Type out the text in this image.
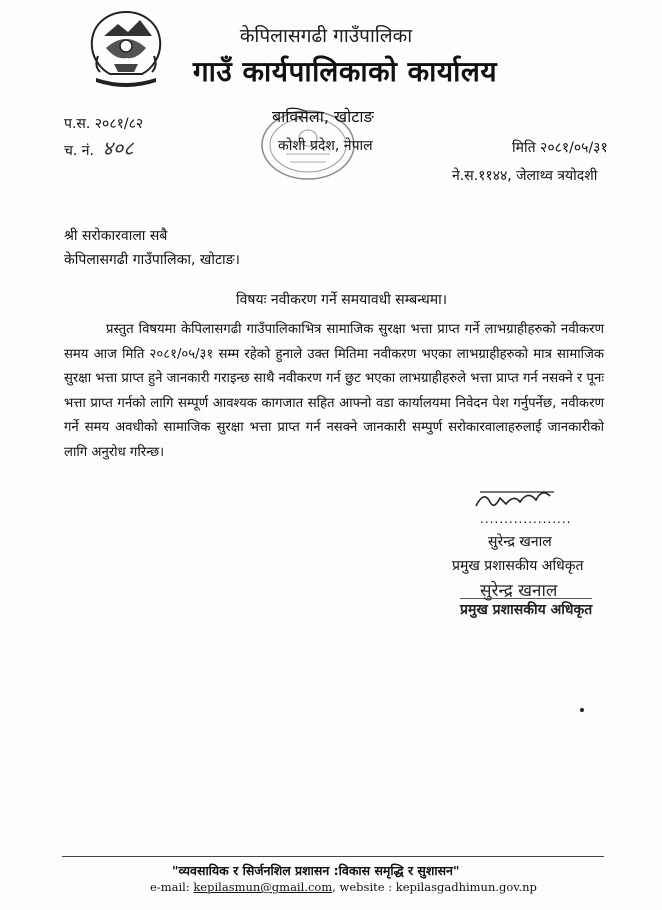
केपिलासगढी गाउँपालिका
गाउँ कार्यपालिकाको कार्यालय
प.स. २०८१/८२
च. नं. ४०८
बाक्सिला, खोटाङ
कोशी प्रदेश, नेपाल	मिति २०८१/०५/३१
ने.स.११४४, जेलाथ्व त्रयोदशी
श्री सरोकारवाला सबै
केपिलासगढी गाउँपालिका, खोटाङ।
विषयः नवीकरण गर्ने समयावधी सम्बन्धमा।
प्रस्तुत विषयमा केपिलासगढी गाउँपालिकाभित्र सामाजिक सुरक्षा भत्ता प्राप्त गर्ने लाभग्राहीहरुको नवीकरण समय आज मिति २०८१/०५/३१ सम्म रहेको हुनाले उक्त मितिमा नवीकरण भएका लाभग्राहीहरुको मात्र सामाजिक सुरक्षा भत्ता प्राप्त हुने जानकारी गराइन्छ साथै नवीकरण गर्न छुट भएका लाभग्राहीहरुले भत्ता प्राप्त गर्न नसक्ने र पूनः भत्ता प्राप्त गर्नको लागि सम्पूर्ण आवश्यक कागजात सहित आफ्नो वडा कार्यालयमा निवेदन पेश गर्नुपर्नेछ, नवीकरण गर्ने समय अवधीको सामाजिक सुरक्षा भत्ता प्राप्त गर्न नसक्ने जानकारी सम्पुर्ण सरोकारवालाहरुलाई जानकारीको लागि अनुरोध गरिन्छ।
...................
सुरेन्द्र खनाल
प्रमुख प्रशासकीय अधिकृत
सुरेन्द्र खनाल
प्रमुख प्रशासकीय अधिकृत
"व्यवसायिक र सिर्जनशिल प्रशासन :विकास समृद्धि र सुशासन"
e-mail: kepilasmun@gmail.com, website : kepilasgadhimun.gov.np
